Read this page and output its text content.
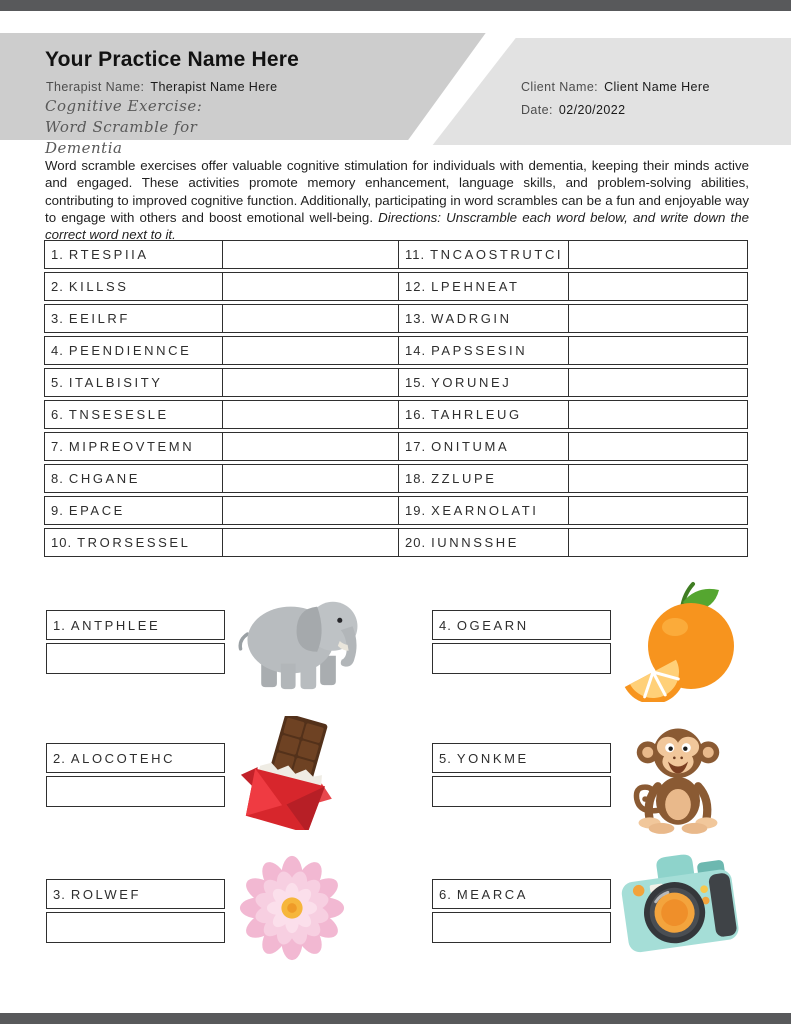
Your Practice Name Here
Therapist Name: Therapist Name Here
Cognitive Exercise: Word Scramble for Dementia
Client Name: Client Name Here
Date: 02/20/2022

Word scramble exercises offer valuable cognitive stimulation for individuals with dementia, keeping their minds active and engaged. These activities promote memory enhancement, language skills, and problem-solving abilities, contributing to improved cognitive function. Additionally, participating in word scrambles can be a fun and enjoyable way to engage with others and boost emotional well-being. Directions: Unscramble each word below, and write down the correct word next to it.

1. RTESPIIA	11. TNCAOSTRUTCI
2. KILLSS	12. LPEHNEAT
3. EEILRF	13. WADRGIN
4. PEENDIENNCE	14. PAPSSESIN
5. ITALBISITY	15. YORUNEJ
6. TNSESESLE	16. TAHRLEUG
7. MIPREOVTEMN	17. ONITUMA
8. CHGANE	18. ZZLUPE
9. EPACE	19. XEARNOLATI
10. TRORSESSEL	20. IUNNSSHE
1. ANTPHLEE	4. OGEARN
2. ALOCOTEHC	5. YONKME
3. ROLWEF	6. MEARCA
